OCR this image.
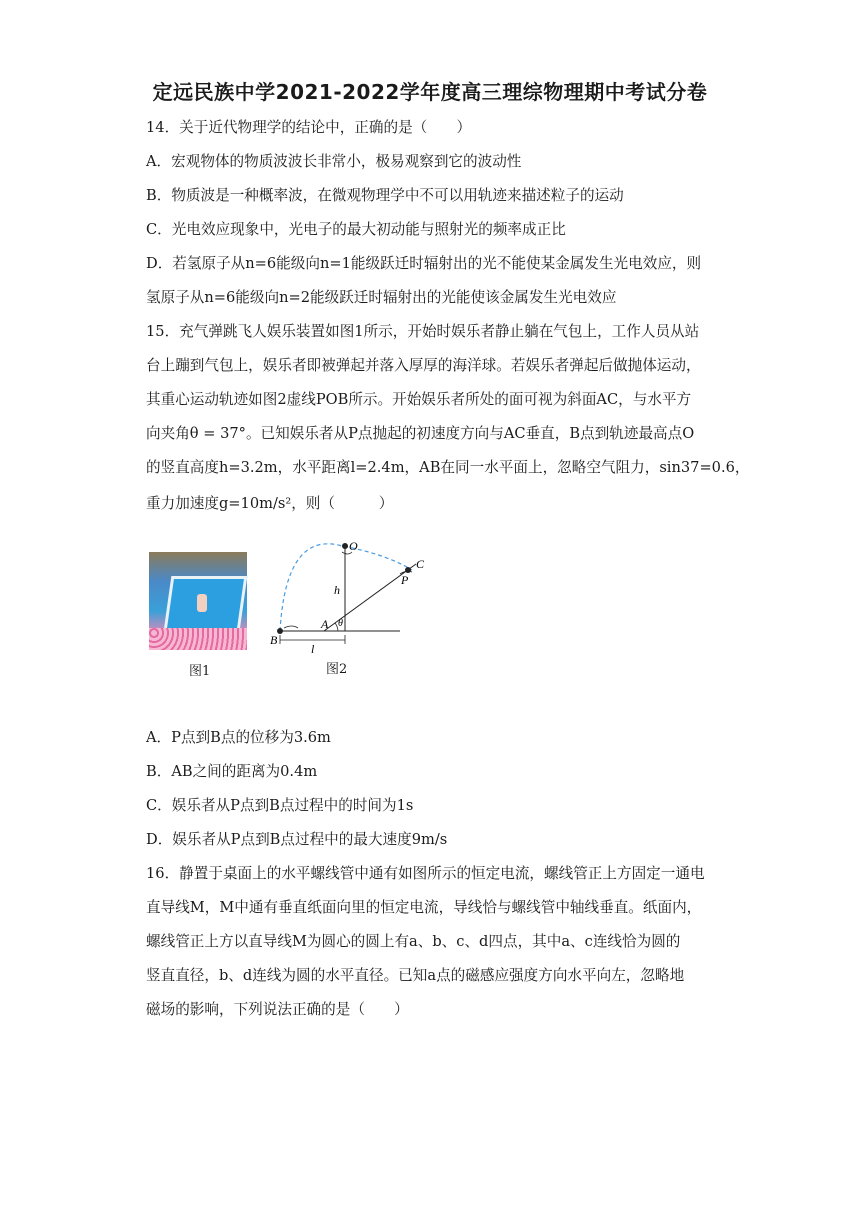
定远民族中学2021-2022学年度高三理综物理期中考试分卷
14．关于近代物理学的结论中，正确的是（　　）
A．宏观物体的物质波波长非常小，极易观察到它的波动性
B．物质波是一种概率波，在微观物理学中不可以用轨迹来描述粒子的运动
C．光电效应现象中，光电子的最大初动能与照射光的频率成正比
D．若氢原子从n=6能级向n=1能级跃迁时辐射出的光不能使某金属发生光电效应，则
氢原子从n=6能级向n=2能级跃迁时辐射出的光能使该金属发生光电效应
15．充气弹跳飞人娱乐装置如图1所示，开始时娱乐者静止躺在气包上，工作人员从站
台上蹦到气包上，娱乐者即被弹起并落入厚厚的海洋球。若娱乐者弹起后做抛体运动，
其重心运动轨迹如图2虚线POB所示。开始娱乐者所处的面可视为斜面AC，与水平方
向夹角θ = 37°。已知娱乐者从P点抛起的初速度方向与AC垂直，B点到轨迹最高点O
的竖直高度h=3.2m，水平距离l=2.4m，AB在同一水平面上，忽略空气阻力，sin37=0.6，
重力加速度g=10m/s²，则（　　　）
图1
O
C
P
h
A θ
B
l
图2
A．P点到B点的位移为3.6m
B．AB之间的距离为0.4m
C．娱乐者从P点到B点过程中的时间为1s
D．娱乐者从P点到B点过程中的最大速度9m/s
16．静置于桌面上的水平螺线管中通有如图所示的恒定电流，螺线管正上方固定一通电
直导线M，M中通有垂直纸面向里的恒定电流，导线恰与螺线管中轴线垂直。纸面内，
螺线管正上方以直导线M为圆心的圆上有a、b、c、d四点，其中a、c连线恰为圆的
竖直直径，b、d连线为圆的水平直径。已知a点的磁感应强度方向水平向左，忽略地
磁场的影响，下列说法正确的是（　　）
